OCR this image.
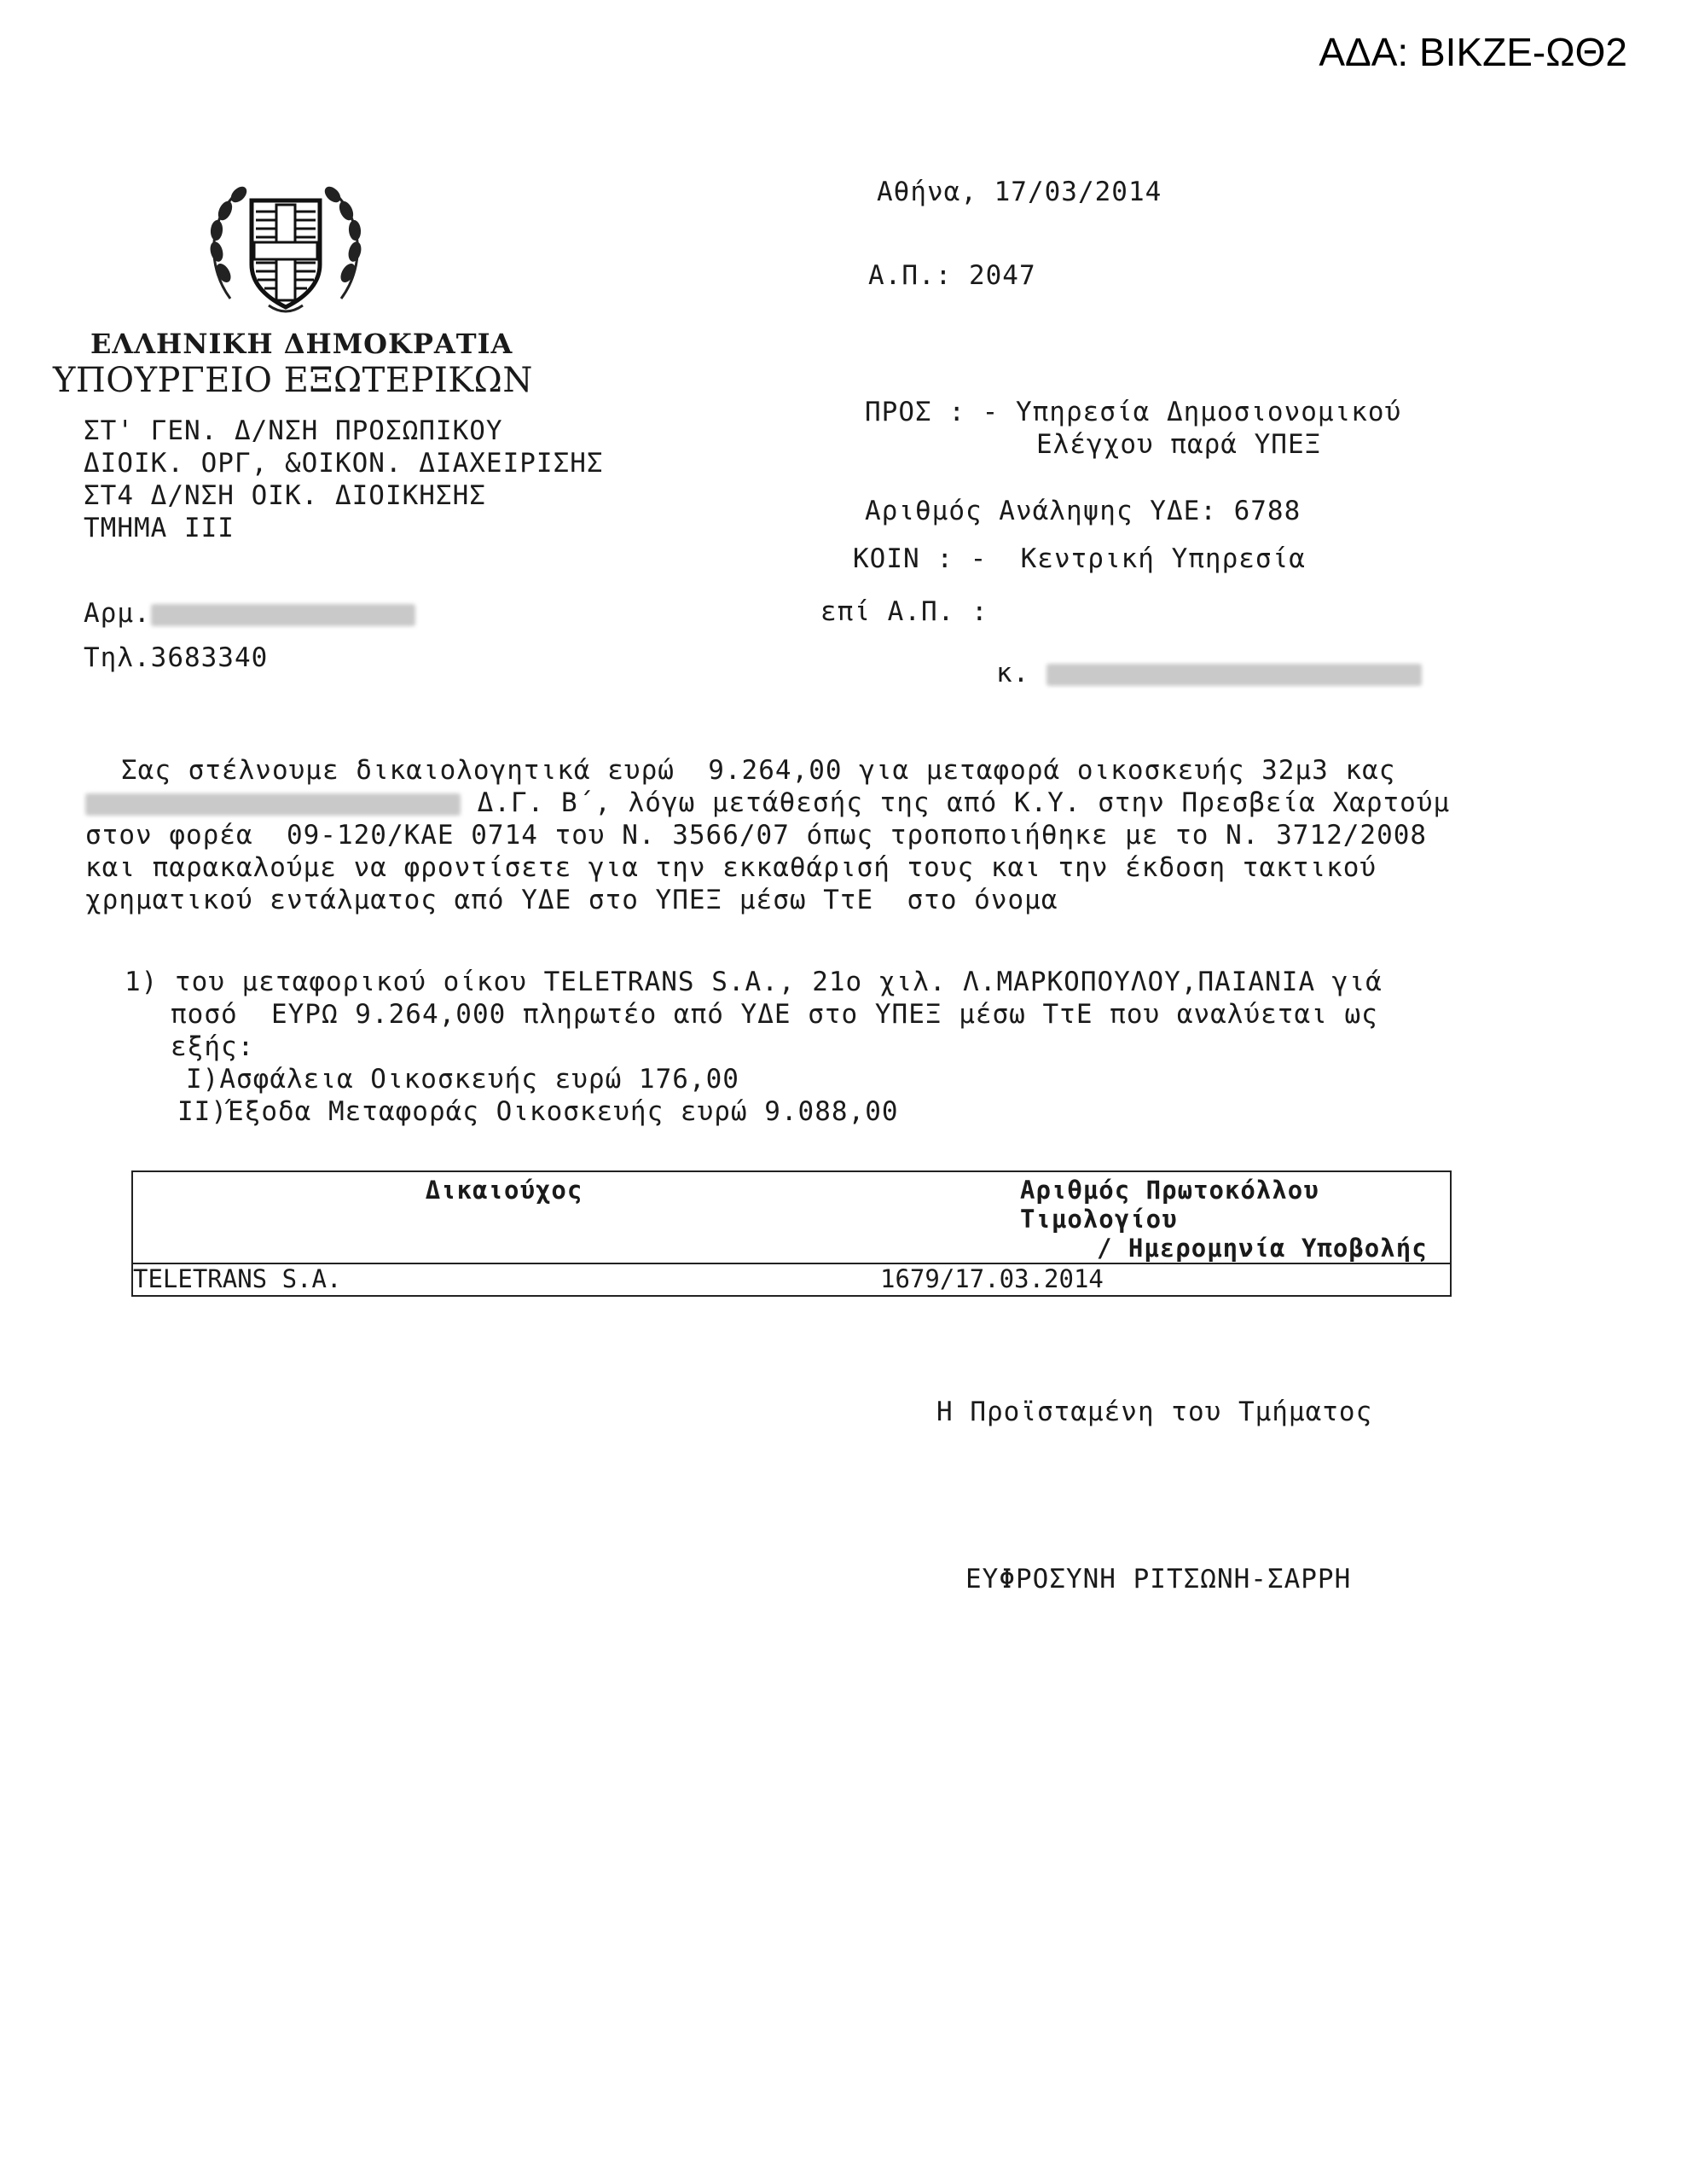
ΑΔΑ: ΒΙΚΖΕ-ΩΘ2
ΕΛΛΗΝΙΚΗ ΔΗΜΟΚΡΑΤΙΑ
ΥΠΟΥΡΓΕΙΟ ΕΞΩΤΕΡΙΚΩΝ
ΣΤ' ΓΕΝ. Δ/ΝΣΗ ΠΡΟΣΩΠΙΚΟΥ
ΔΙΟΙΚ. ΟΡΓ, &ΟΙΚΟΝ. ΔΙΑΧΕΙΡΙΣΗΣ
ΣΤ4 Δ/ΝΣΗ ΟΙΚ. ΔΙΟΙΚΗΣΗΣ
ΤΜΗΜΑ ΙΙΙ
Αρμ.
Τηλ.3683340
Αθήνα, 17/03/2014
Α.Π.: 2047
ΠΡΟΣ : - Υπηρεσία Δημοσιονομικού
Ελέγχου παρά ΥΠΕΞ
Αριθμός Ανάληψης ΥΔΕ: 6788
ΚΟΙΝ : -  Κεντρική Υπηρεσία
επί Α.Π. :
κ.
Σας στέλνουμε δικαιολογητικά ευρώ  9.264,00 για μεταφορά οικοσκευής 32μ3 κας
Δ.Γ. Β΄, λόγω μετάθεσής της από Κ.Υ. στην Πρεσβεία Χαρτούμ
στον φορέα  09-120/ΚΑΕ 0714 του Ν. 3566/07 όπως τροποποιήθηκε με το Ν. 3712/2008
και παρακαλούμε να φροντίσετε για την εκκαθάρισή τους και την έκδοση τακτικού
χρηματικού εντάλματος από ΥΔΕ στο ΥΠΕΞ μέσω ΤτΕ  στο όνομα
1) του μεταφορικού οίκου TELETRANS S.A., 21ο χιλ. Λ.ΜΑΡΚΟΠΟΥΛΟΥ,ΠΑΙΑΝΙΑ γιά
ποσό  ΕΥΡΩ 9.264,000 πληρωτέο από ΥΔΕ στο ΥΠΕΞ μέσω ΤτΕ που αναλύεται ως
εξής:
I)Ασφάλεια Οικοσκευής ευρώ 176,00
II)Έξοδα Μεταφοράς Οικοσκευής ευρώ 9.088,00
Δικαιούχος	Αριθμός Πρωτοκόλλου Τιμολογίου
/ Ημερομηνία Υποβολής

TELETRANS S.A.	1679/17.03.2014
Η Προϊσταμένη του Τμήματος
ΕΥΦΡΟΣΥΝΗ ΡΙΤΣΩΝΗ-ΣΑΡΡΗ
